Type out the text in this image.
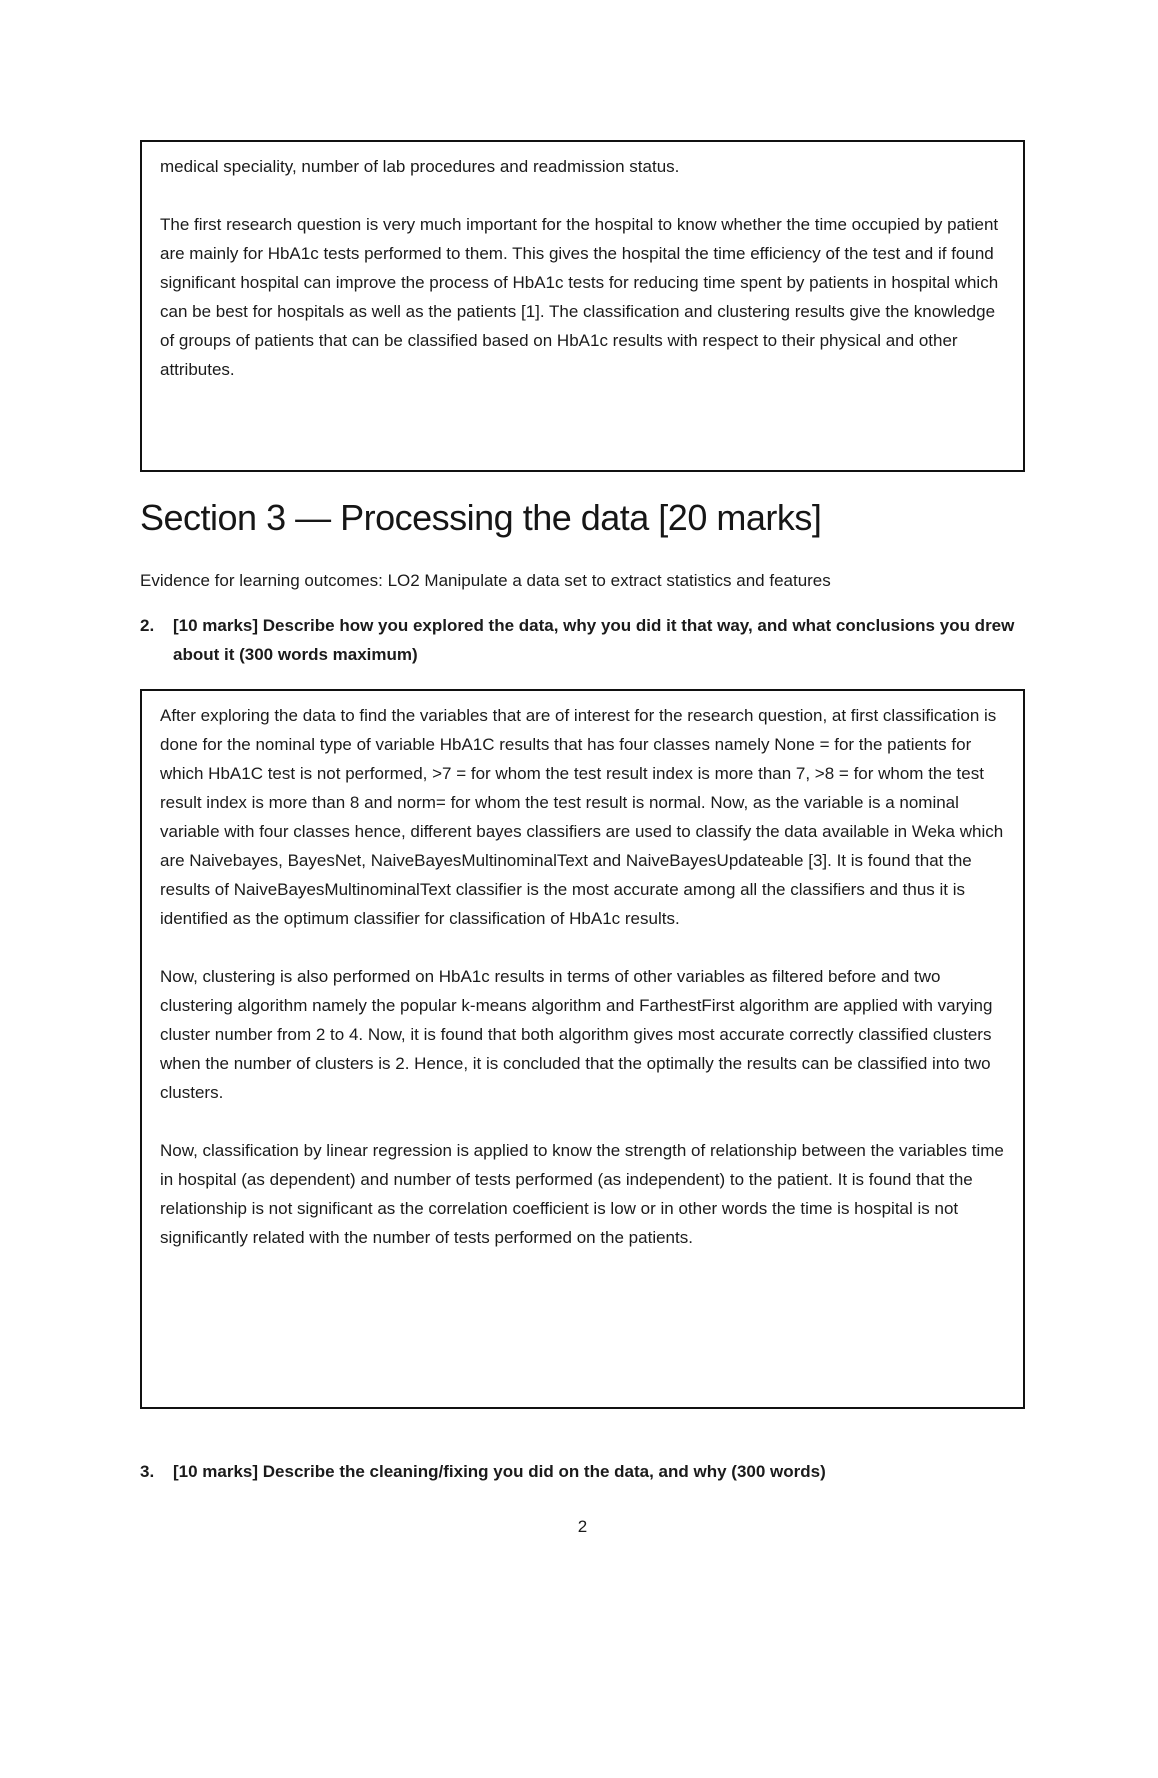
medical speciality, number of lab procedures and readmission status.

The first research question is very much important for the hospital to know whether the time occupied by patient are mainly for HbA1c tests performed to them. This gives the hospital the time efficiency of the test and if found significant hospital can improve the process of HbA1c tests for reducing time spent by patients in hospital which can be best for hospitals as well as the patients [1]. The classification and clustering results give the knowledge of groups of patients that can be classified based on HbA1c results with respect to their physical and other attributes.

Section 3 — Processing the data [20 marks]

Evidence for learning outcomes: LO2 Manipulate a data set to extract statistics and features

2.	[10 marks] Describe how you explored the data, why you did it that way, and what conclusions you drew about it (300 words maximum)

After exploring the data to find the variables that are of interest for the research question, at first classification is done for the nominal type of variable HbA1C results that has four classes namely None = for the patients for which HbA1C test is not performed, >7 = for whom the test result index is more than 7, >8 = for whom the test result index is more than 8 and norm= for whom the test result is normal. Now, as the variable is a nominal variable with four classes hence, different bayes classifiers are used to classify the data available in Weka which are Naivebayes, BayesNet, NaiveBayesMultinominalText and NaiveBayesUpdateable [3]. It is found that the results of NaiveBayesMultinominalText classifier is the most accurate among all the classifiers and thus it is identified as the optimum classifier for classification of HbA1c results.

Now, clustering is also performed on HbA1c results in terms of other variables as filtered before and two clustering algorithm namely the popular k-means algorithm and FarthestFirst algorithm are applied with varying cluster number from 2 to 4. Now, it is found that both algorithm gives most accurate correctly classified clusters when the number of clusters is 2. Hence, it is concluded that the optimally the results can be classified into two clusters.

Now, classification by linear regression is applied to know the strength of relationship between the variables time in hospital (as dependent) and number of tests performed (as independent) to the patient. It is found that the relationship is not significant as the correlation coefficient is low or in other words the time is hospital is not significantly related with the number of tests performed on the patients.

3.	[10 marks] Describe the cleaning/fixing you did on the data, and why (300 words)
2
